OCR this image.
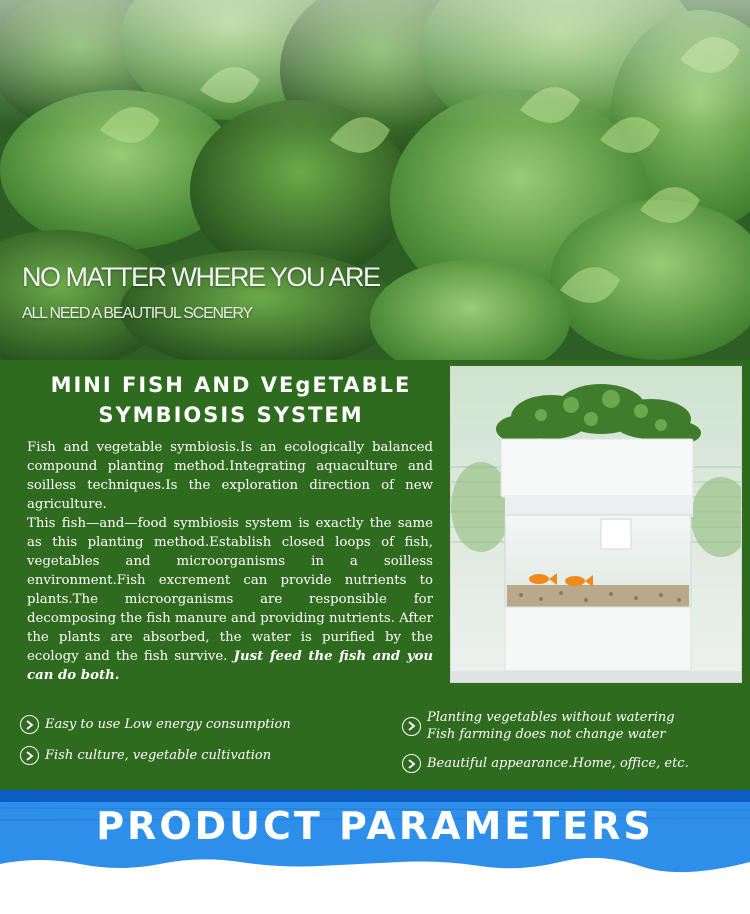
NO MATTER WHERE YOU ARE
ALL NEED A BEAUTIFUL SCENERY
MINI FISH AND VEgETABLE
SYMBIOSIS SYSTEM

Fish and vegetable symbiosis.Is an ecologically balanced compound planting method.Integrating aquaculture and soilless techniques.Is the exploration direction of new agriculture.

This fish—and—food symbiosis system is exactly the same as this planting method.Establish closed loops of fish, vegetables and microorganisms in a soilless environment.Fish excrement can provide nutrients to plants.The microorganisms are responsible for decomposing the fish manure and providing nutrients. After the plants are absorbed, the water is purified by the ecology and the fish survive. Just feed the fish and you can do both.

Easy to use Low energy consumption
Fish culture, vegetable cultivation
Planting vegetables without watering
Fish farming does not change water
Beautiful appearance.Home, office, etc.
PRODUCT PARAMETERS
